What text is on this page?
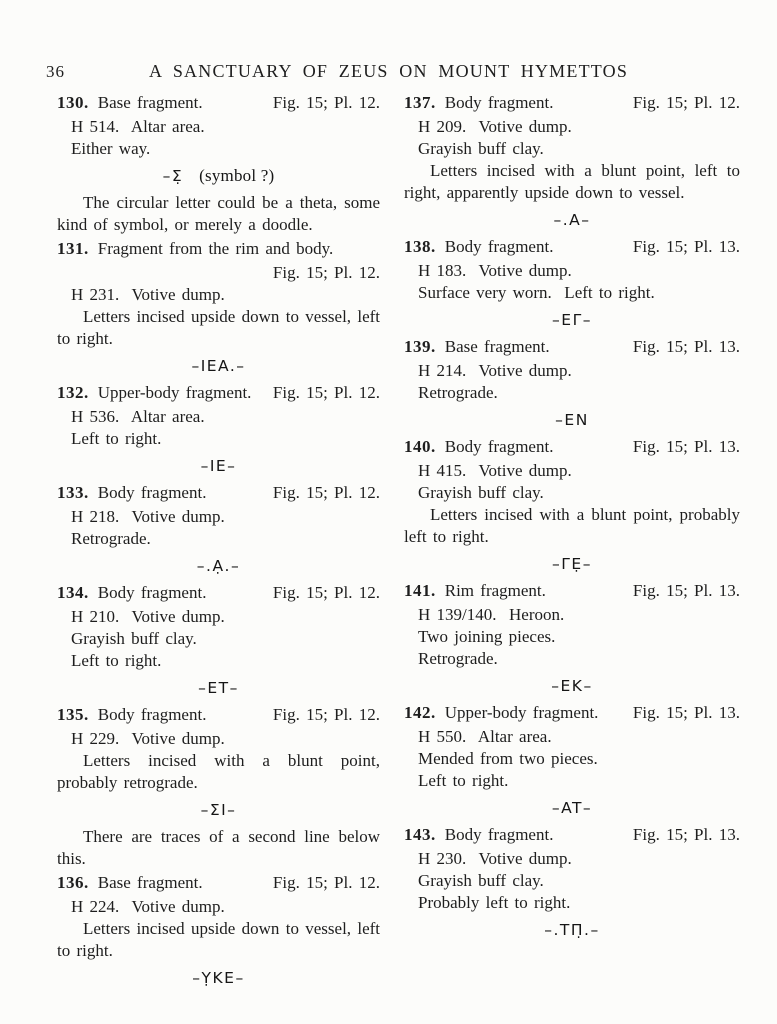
36	A SANCTUARY OF ZEUS ON MOUNT HYMETTOS
130. Base fragment.	Fig. 15; Pl. 12.
H 514.  Altar area.
Either way.
–Σ̣ (symbol ?)
The circular letter could be a theta, some kind of symbol, or merely a doodle.
131. Fragment from the rim and body.
Fig. 15; Pl. 12.
H 231.  Votive dump.
Letters incised upside down to vessel, left to right.
–IEA.–
132. Upper-body fragment. Fig. 15; Pl. 12.
H 536.  Altar area.
Left to right.
–IE–
133. Body fragment.	Fig. 15; Pl. 12.
H 218.  Votive dump.
Retrograde.
–.Ạ.–
134. Body fragment.	Fig. 15; Pl. 12.
H 210.  Votive dump.
Grayish buff clay.
Left to right.
–ET–
135. Body fragment.	Fig. 15; Pl. 12.
H 229.  Votive dump.
Letters incised with a blunt point, probably retrograde.
–ΣΙ–
There are traces of a second line below this.
136. Base fragment.	Fig. 15; Pl. 12.
H 224.  Votive dump.
Letters incised upside down to vessel, left to right.
–ỴKE–
137. Body fragment.	Fig. 15; Pl. 12.
H 209.  Votive dump.
Grayish buff clay.
Letters incised with a blunt point, left to right, apparently upside down to vessel.
–.A–
138. Body fragment.	Fig. 15; Pl. 13.
H 183.  Votive dump.
Surface very worn.  Left to right.
–ΕΓ–
139. Base fragment.	Fig. 15; Pl. 13.
H 214.  Votive dump.
Retrograde.
–EN
140. Body fragment.	Fig. 15; Pl. 13.
H 415.  Votive dump.
Grayish buff clay.
Letters incised with a blunt point, probably left to right.
–ΓẸ–
141. Rim fragment.	Fig. 15; Pl. 13.
H 139/140.  Heroon.
Two joining pieces.
Retrograde.
–EK–
142. Upper-body fragment. Fig. 15; Pl. 13.
H 550.  Altar area.
Mended from two pieces.
Left to right.
–AT–
143. Body fragment.	Fig. 15; Pl. 13.
H 230.  Votive dump.
Grayish buff clay.
Probably left to right.
–.ΤΠ̣.–
